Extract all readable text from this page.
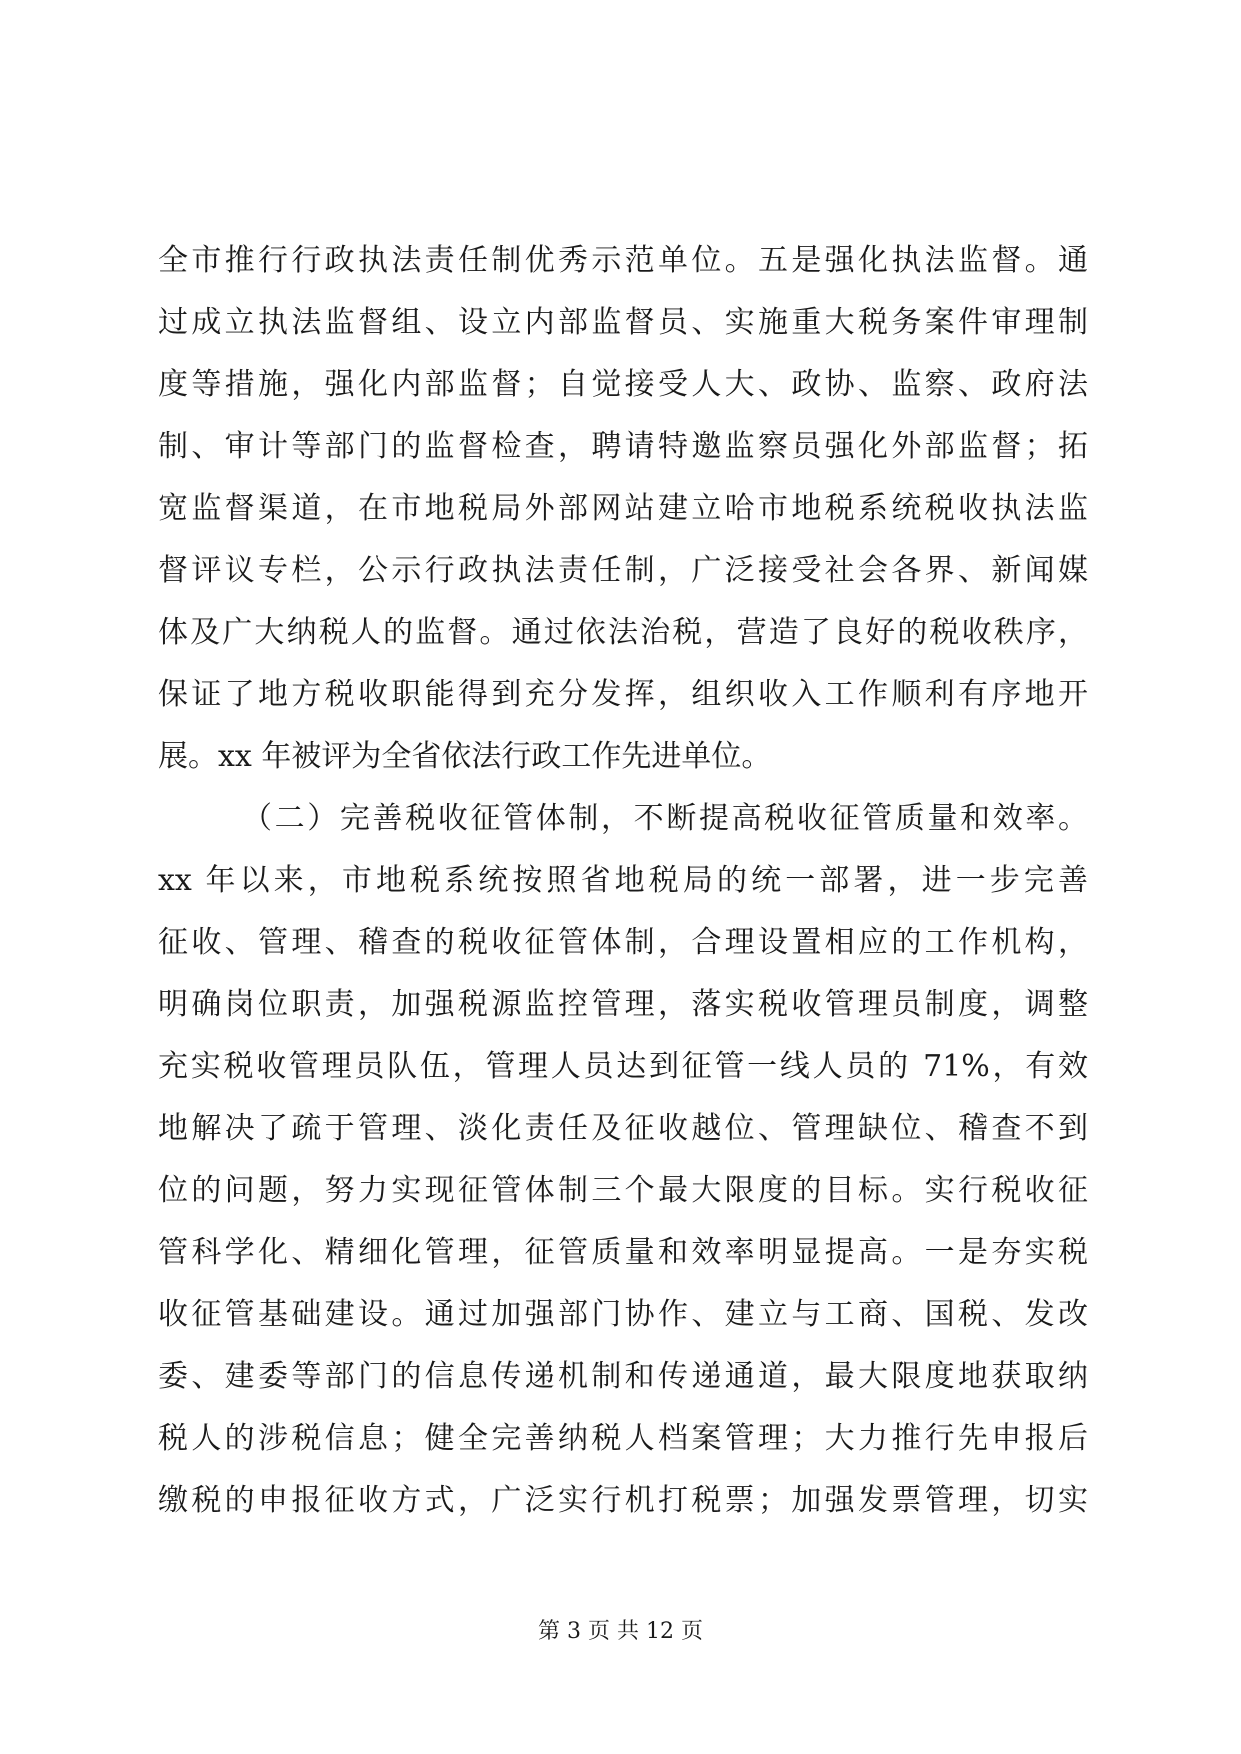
全市推行行政执法责任制优秀示范单位。五是强化执法监督。通
过成立执法监督组、设立内部监督员、实施重大税务案件审理制
度等措施，强化内部监督；自觉接受人大、政协、监察、政府法
制、审计等部门的监督检查，聘请特邀监察员强化外部监督；拓
宽监督渠道，在市地税局外部网站建立哈市地税系统税收执法监
督评议专栏，公示行政执法责任制，广泛接受社会各界、新闻媒
体及广大纳税人的监督。通过依法治税，营造了良好的税收秩序，
保证了地方税收职能得到充分发挥，组织收入工作顺利有序地开
展。xx 年被评为全省依法行政工作先进单位。
（二）完善税收征管体制，不断提高税收征管质量和效率。
xx 年以来，市地税系统按照省地税局的统一部署，进一步完善
征收、管理、稽查的税收征管体制，合理设置相应的工作机构，
明确岗位职责，加强税源监控管理，落实税收管理员制度，调整
充实税收管理员队伍，管理人员达到征管一线人员的 71%，有效
地解决了疏于管理、淡化责任及征收越位、管理缺位、稽查不到
位的问题，努力实现征管体制三个最大限度的目标。实行税收征
管科学化、精细化管理，征管质量和效率明显提高。一是夯实税
收征管基础建设。通过加强部门协作、建立与工商、国税、发改
委、建委等部门的信息传递机制和传递通道，最大限度地获取纳
税人的涉税信息；健全完善纳税人档案管理；大力推行先申报后
缴税的申报征收方式，广泛实行机打税票；加强发票管理，切实
第 3 页 共 12 页
